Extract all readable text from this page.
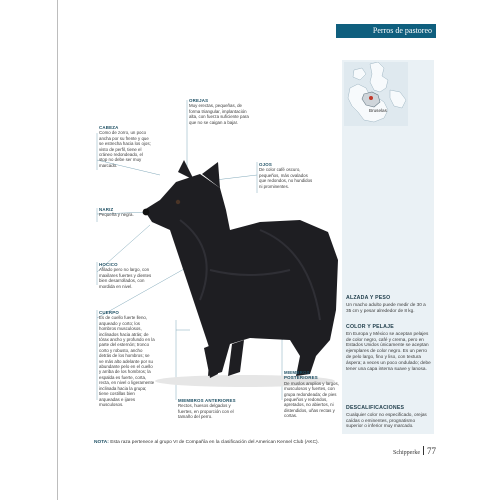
Perros de pastoreo
Bruselas
CABEZA
Como de zorro, un poco ancha por su frente y que se estrecha hacia los ojos; visto de perfil, tiene el cráneo redondeado, el stop no debe ser muy marcado.
OREJAS
Muy erectas, pequeñas, de forma triangular, implantación alta, con fuerza suficiente para que no se caigan a bajar.
OJOS
De color café oscuro, pequeños, más ovalados que redondos, no hundidos ni prominentes.
NARIZ
Pequeña y negra.
HOCICO
Afilado pero no largo, con maxilares fuertes y dientes bien desarrollados, con mordida en nivel.
CUERPO
Es de cuello fuerte lleno, arqueado y corto; los hombros musculosos, inclinados hacia atrás; de tórax ancho y profundo en la parte del esternón; tronco corto y robusto, ancho detrás de los hombros; se ve más alto adelante por su abundante pelo en el cuello y arriba de los hombros; la espalda es fuerte, corta, recta, en nivel o ligeramente inclinada hacia la grupa; tiene costillas bien arqueadas e ijares musculosos.
MIEMBROS ANTERIORES
Rectos, huesos delgados y fuertes, en proporción con el tamaño del perro.
MIEMBROS POSTERIORES
De muslos amplios y largos, musculosos y fuertes, con grupa redondeada; de pies pequeños y redondos, apretados, no abiertos, ni distendidos, uñas rectas y cortas.
ALZADA Y PESO
Un macho adulto puede medir de 30 a 35 cm y pesar alrededor de 8 kg.
COLOR Y PELAJE
En Europa y México se aceptan pelajes de color negro, café y crema, pero en Estados Unidos únicamente se aceptan ejemplares de color negro. Es un perro de pelo largo, fino y liso, con textura áspera; a veces un poco ondulado; debe tener una capa interna suave y lanosa.
DESCALIFICACIONES
Cualquier color no especificado, orejas caídas o eminentes, prognatismo superior o inferior muy marcado.
NOTA: Esta raza pertenece al grupo VI de Compañía en la clasificación del American Kennel Club (AKC).
Schipperke 77
